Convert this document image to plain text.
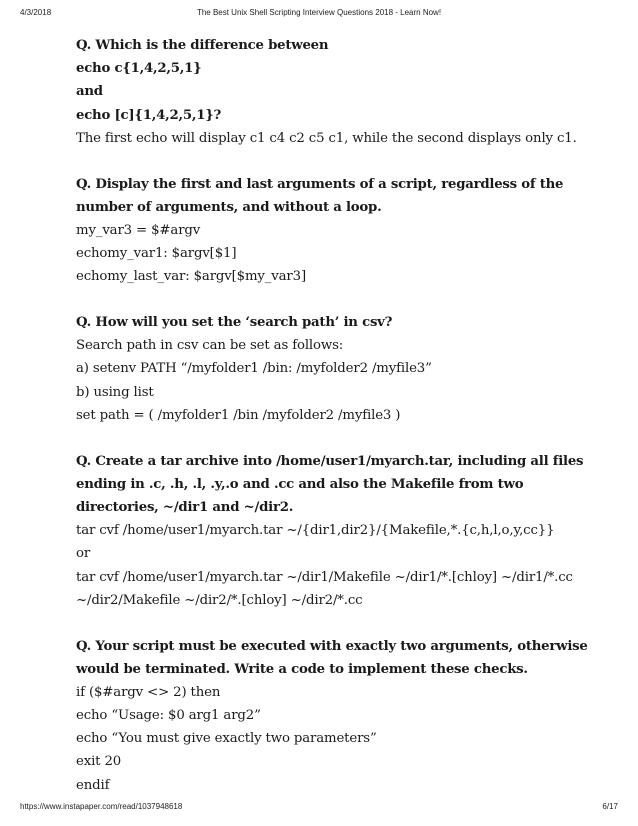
4/3/2018	The Best Unix Shell Scripting Interview Questions 2018 - Learn Now!
Q. Which is the difference between
echo c{1,4,2,5,1}
and
echo [c]{1,4,2,5,1}?
The first echo will display c1 c4 c2 c5 c1, while the second displays only c1.
Q. Display the first and last arguments of a script, regardless of the
number of arguments, and without a loop.
my_var3 = $#argv
echomy_var1: $argv[$1]
echomy_last_var: $argv[$my_var3]
Q. How will you set the ‘search path’ in csv?
Search path in csv can be set as follows:
a) setenv PATH “/myfolder1 /bin: /myfolder2 /myfile3”
b) using list
set path = ( /myfolder1 /bin /myfolder2 /myfile3 )
Q. Create a tar archive into /home/user1/myarch.tar, including all files
ending in .c, .h, .l, .y,.o and .cc and also the Makefile from two
directories, ~/dir1 and ~/dir2.
tar cvf /home/user1/myarch.tar ~/{dir1,dir2}/{Makefile,*.{c,h,l,o,y,cc}}
or
tar cvf /home/user1/myarch.tar ~/dir1/Makefile ~/dir1/*.[chloy] ~/dir1/*.cc
~/dir2/Makefile ~/dir2/*.[chloy] ~/dir2/*.cc
Q. Your script must be executed with exactly two arguments, otherwise
would be terminated. Write a code to implement these checks.
if ($#argv <> 2) then
echo “Usage: $0 arg1 arg2”
echo “You must give exactly two parameters”
exit 20
endif
https://www.instapaper.com/read/1037948618	6/17
